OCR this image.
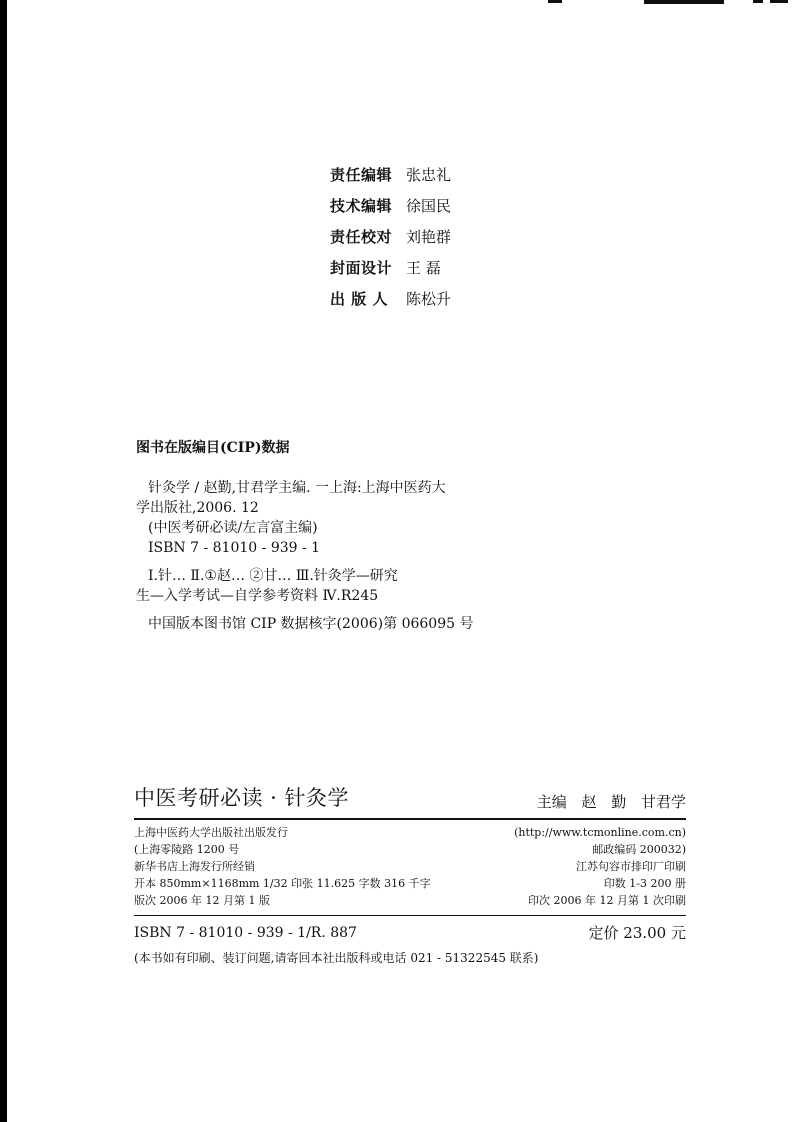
责任编辑 张忠礼
技术编辑 徐国民
责任校对 刘艳群
封面设计 王 磊
出 版 人	陈松升
图书在版编目(CIP)数据
针灸学 / 赵勤,甘君学主编. 一上海:上海中医药大
学出版社,2006. 12
(中医考研必读/左言富主编)
ISBN 7 - 81010 - 939 - 1
Ⅰ.针… Ⅱ.①赵… ②甘… Ⅲ.针灸学—研究
生—入学考试—自学参考资料 Ⅳ.R245
中国版本图书馆 CIP 数据核字(2006)第 066095 号
中医考研必读 · 针灸学	主编 赵 勤 甘君学
上海中医药大学出版社出版发行	(http://www.tcmonline.com.cn)
(上海零陵路 1200 号	邮政编码 200032)
新华书店上海发行所经销	江苏句容市排印厂印刷
开本 850mm×1168mm 1/32 印张 11.625 字数 316 千字	印数 1-3 200 册
版次 2006 年 12 月第 1 版	印次 2006 年 12 月第 1 次印刷
ISBN 7 - 81010 - 939 - 1/R. 887	定价 23.00 元
(本书如有印刷、装订问题,请寄回本社出版科或电话 021 - 51322545 联系)
